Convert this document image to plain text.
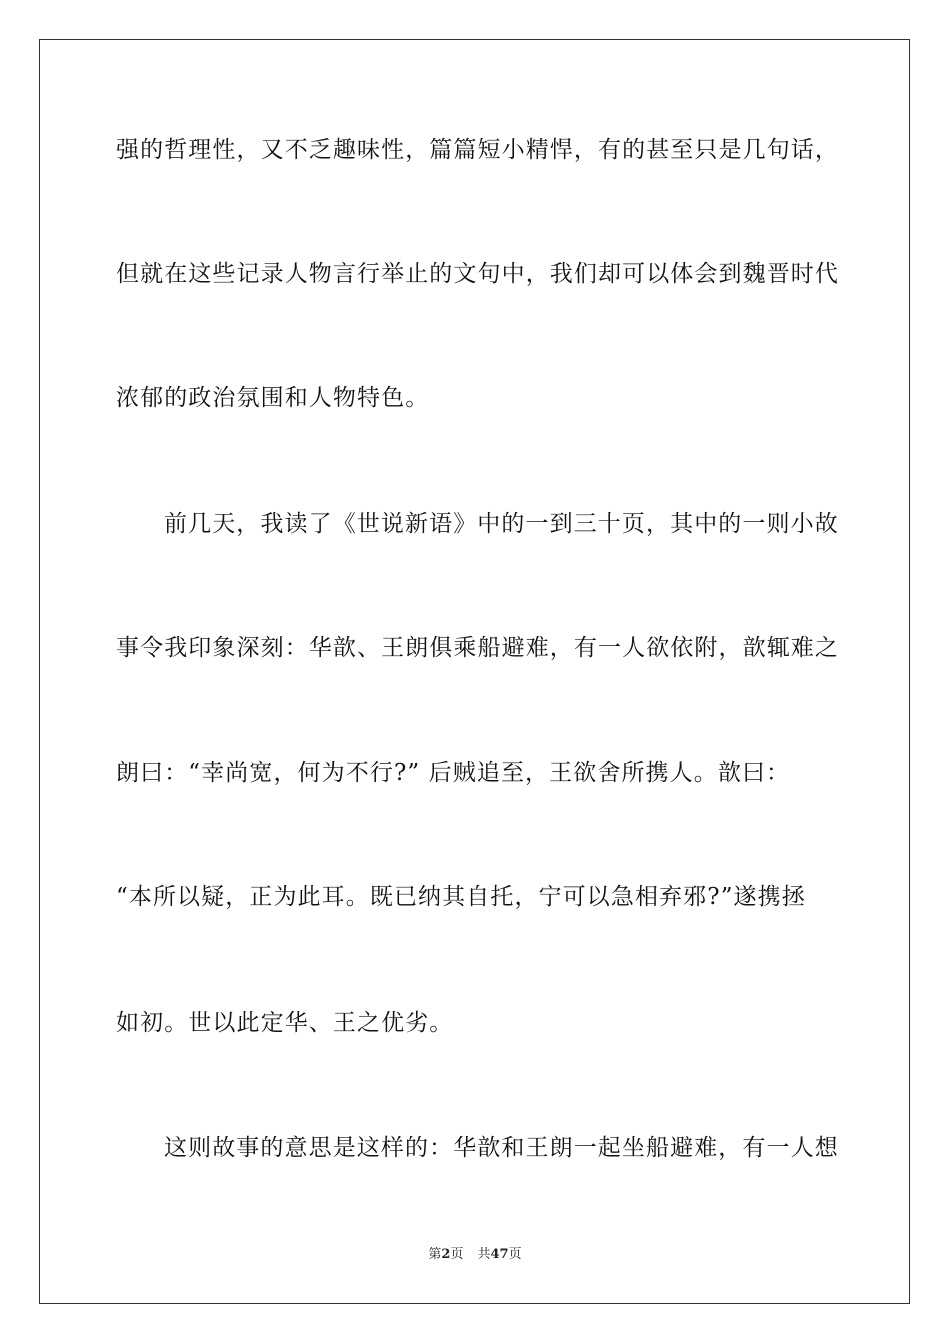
强的哲理性，又不乏趣味性，篇篇短小精悍，有的甚至只是几句话，
但就在这些记录人物言行举止的文句中，我们却可以体会到魏晋时代
浓郁的政治氛围和人物特色。
前几天，我读了《世说新语》中的一到三十页，其中的一则小故
事令我印象深刻：华歆、王朗俱乘船避难，有一人欲依附，歆辄难之
朗曰：“幸尚宽，何为不行?” 后贼追至，王欲舍所携人。歆曰：
“本所以疑，正为此耳。既已纳其自托，宁可以急相弃邪?”遂携拯
如初。世以此定华、王之优劣。
这则故事的意思是这样的：华歆和王朗一起坐船避难，有一人想
第2页 共47页
